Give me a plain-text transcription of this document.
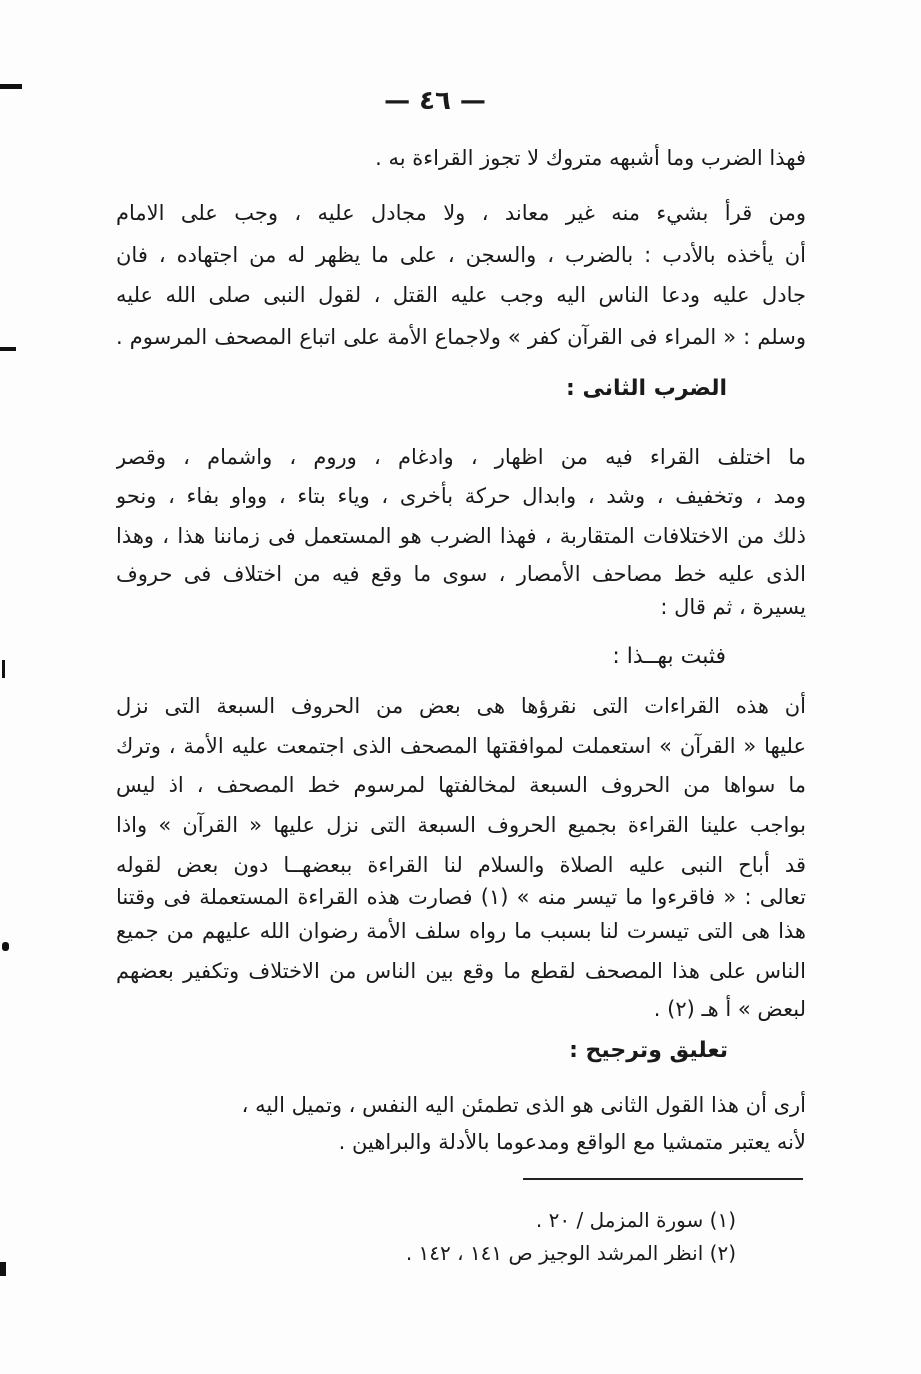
— ٤٦ —
فهذا الضرب وما أشبهه متروك لا تجوز القراءة به .
ومن قرأ بشيء منه غير معاند ، ولا مجادل عليه ، وجب على الامام
أن يأخذه بالأدب : بالضرب ، والسجن ، على ما يظهر له من اجتهاده ، فان
جادل عليه ودعا الناس اليه وجب عليه القتل ، لقول النبى صلى الله عليه
وسلم : « المراء فى القرآن كفر » ولاجماع الأمة على اتباع المصحف المرسوم .
الضرب الثانى :
ما اختلف القراء فيه من اظهار ، وادغام ، وروم ، واشمام ، وقصر
ومد ، وتخفيف ، وشد ، وابدال حركة بأخرى ، وياء بتاء ، وواو بفاء ، ونحو
ذلك من الاختلافات المتقاربة ، فهذا الضرب هو المستعمل فى زماننا هذا ، وهذا
الذى عليه خط مصاحف الأمصار ، سوى ما وقع فيه من اختلاف فى حروف
يسيرة ، ثم قال :
فثبت بهــذا :
أن هذه القراءات التى نقرؤها هى بعض من الحروف السبعة التى نزل
عليها « القرآن » استعملت لموافقتها المصحف الذى اجتمعت عليه الأمة ، وترك
ما سواها من الحروف السبعة لمخالفتها لمرسوم خط المصحف ، اذ ليس
بواجب علينا القراءة بجميع الحروف السبعة التى نزل عليها « القرآن » واذا
قد أباح النبى عليه الصلاة والسلام لنا القراءة ببعضهــا دون بعض لقوله
تعالى : « فاقرءوا ما تيسر منه » (١) فصارت هذه القراءة المستعملة فى وقتنا
هذا هى التى تيسرت لنا بسبب ما رواه سلف الأمة رضوان الله عليهم من جميع
الناس على هذا المصحف لقطع ما وقع بين الناس من الاختلاف وتكفير بعضهم
لبعض » أ هـ (٢) .
تعليق وترجيح :
أرى أن هذا القول الثانى هو الذى تطمئن اليه النفس ، وتميل اليه ،
لأنه يعتبر متمشيا مع الواقع ومدعوما بالأدلة والبراهين .
(١) سورة المزمل / ٢٠ .
(٢) انظر المرشد الوجيز ص ١٤١ ، ١٤٢ .
